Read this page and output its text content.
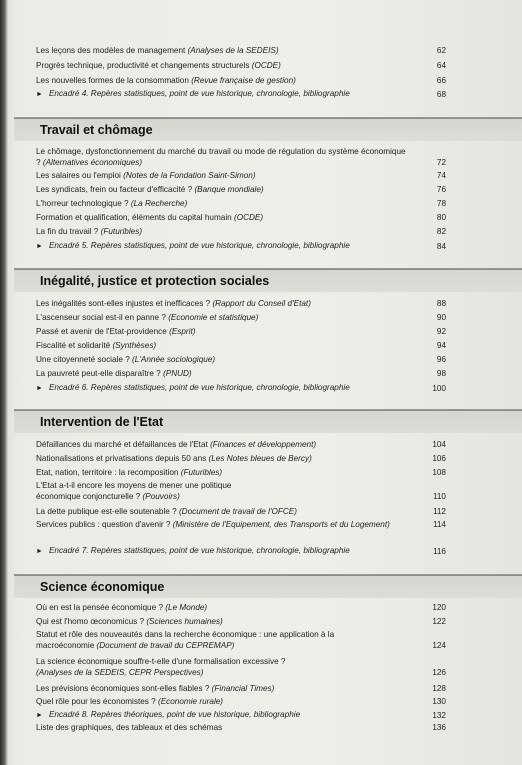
Les leçons des modèles de management (Analyses de la SEDEIS)	62
Progrès technique, productivité et changements structurels (OCDE)	64
Les nouvelles formes de la consommation (Revue française de gestion)	66
► Encadré 4. Repères statistiques, point de vue historique, chronologie, bibliographie	68
Travail et chômage
Le chômage, dysfonctionnement du marché du travail ou mode de régulation du système économique ? (Alternatives économiques)	72
Les salaires ou l'emploi (Notes de la Fondation Saint-Simon)	74
Les syndicats, frein ou facteur d'efficacité ? (Banque mondiale)	76
L'horreur technologique ? (La Recherche)	78
Formation et qualification, éléments du capital humain (OCDE)	80
La fin du travail ? (Futuribles)	82
► Encadré 5. Repères statistiques, point de vue historique, chronologie, bibliographie	84
Inégalité, justice et protection sociales
Les inégalités sont-elles injustes et inefficaces ? (Rapport du Conseil d'Etat)	88
L'ascenseur social est-il en panne ? (Economie et statistique)	90
Passé et avenir de l'Etat-providence (Esprit)	92
Fiscalité et solidarité (Synthèses)	94
Une citoyenneté sociale ? (L'Année sociologique)	96
La pauvreté peut-elle disparaître ? (PNUD)	98
► Encadré 6. Repères statistiques, point de vue historique, chronologie, bibliographie	100
Intervention de l'Etat
Défaillances du marché et défaillances de l'Etat (Finances et développement)	104
Nationalisations et privatisations depuis 50 ans (Les Notes bleues de Bercy)	106
Etat, nation, territoire : la recomposition (Futuribles)	108
L'Etat a-t-il encore les moyens de mener une politique économique conjoncturelle ? (Pouvoirs)	110
La dette publique est-elle soutenable ? (Document de travail de l'OFCE)	112
Services publics : question d'avenir ? (Ministère de l'Equipement, des Transports et du Logement)	114
► Encadré 7. Repères statistiques, point de vue historique, chronologie, bibliographie	116
Science économique
Où en est la pensée économique ? (Le Monde)	120
Qui est l'homo œconomicus ? (Sciences humaines)	122
Statut et rôle des nouveautés dans la recherche économique : une application à la macroéconomie (Document de travail du CEPREMAP)	124
La science économique souffre-t-elle d'une formalisation excessive ? (Analyses de la SEDEIS, CEPR Perspectives)	126
Les prévisions économiques sont-elles fiables ? (Financial Times)	128
Quel rôle pour les économistes ? (Economie rurale)	130
► Encadré 8. Repères théoriques, point de vue historique, bibliographie	132
Liste des graphiques, des tableaux et des schémas	136
